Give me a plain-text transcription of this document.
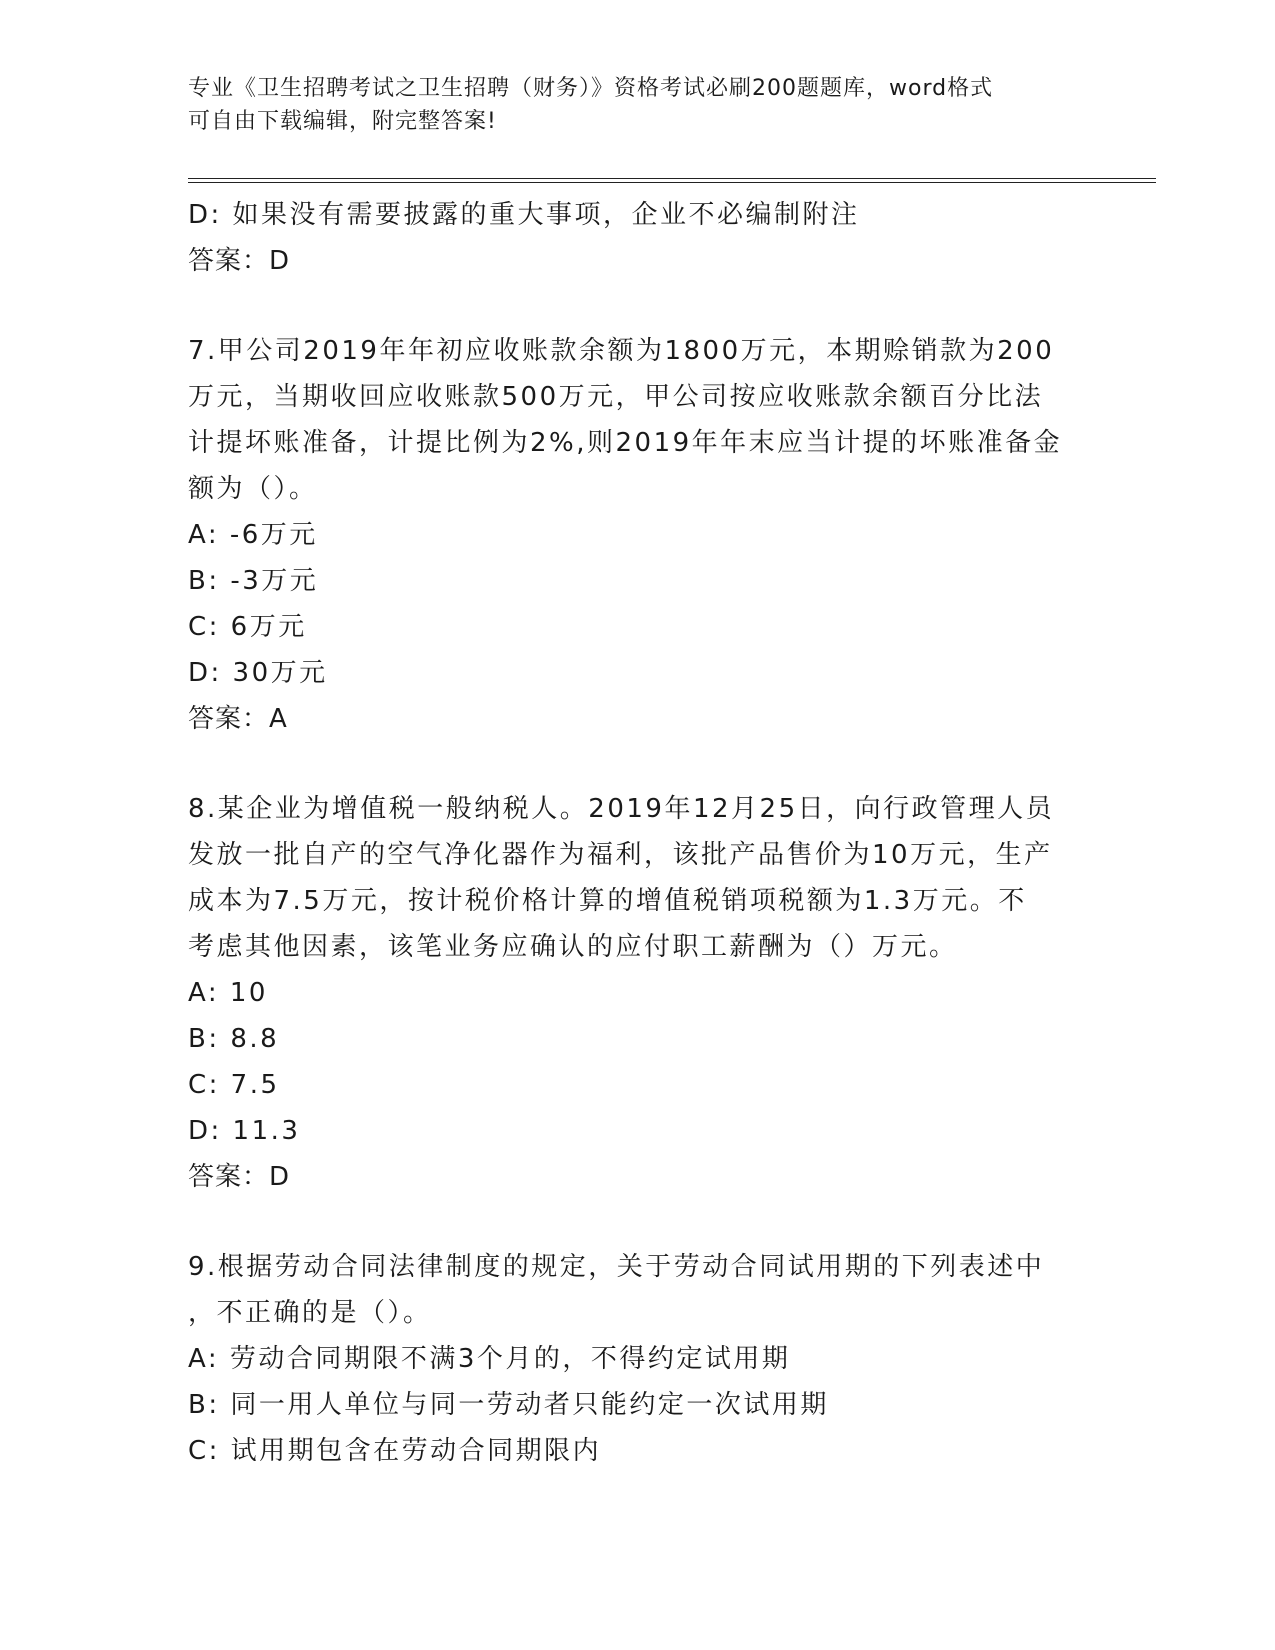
专业《卫生招聘考试之卫生招聘（财务）》资格考试必刷200题题库，word格式
可自由下载编辑，附完整答案!
D: 如果没有需要披露的重大事项，企业不必编制附注
答案：D
7.甲公司2019年年初应收账款余额为1800万元，本期赊销款为200
万元，当期收回应收账款500万元，甲公司按应收账款余额百分比法
计提坏账准备，计提比例为2%,则2019年年末应当计提的坏账准备金
额为（）。
A: -6万元
B: -3万元
C: 6万元
D: 30万元
答案：A
8.某企业为增值税一般纳税人。2019年12月25日，向行政管理人员
发放一批自产的空气净化器作为福利，该批产品售价为10万元，生产
成本为7.5万元，按计税价格计算的增值税销项税额为1.3万元。不
考虑其他因素，该笔业务应确认的应付职工薪酬为（）万元。
A: 10
B: 8.8
C: 7.5
D: 11.3
答案：D
9.根据劳动合同法律制度的规定，关于劳动合同试用期的下列表述中
，不正确的是（）。
A: 劳动合同期限不满3个月的，不得约定试用期
B: 同一用人单位与同一劳动者只能约定一次试用期
C: 试用期包含在劳动合同期限内
